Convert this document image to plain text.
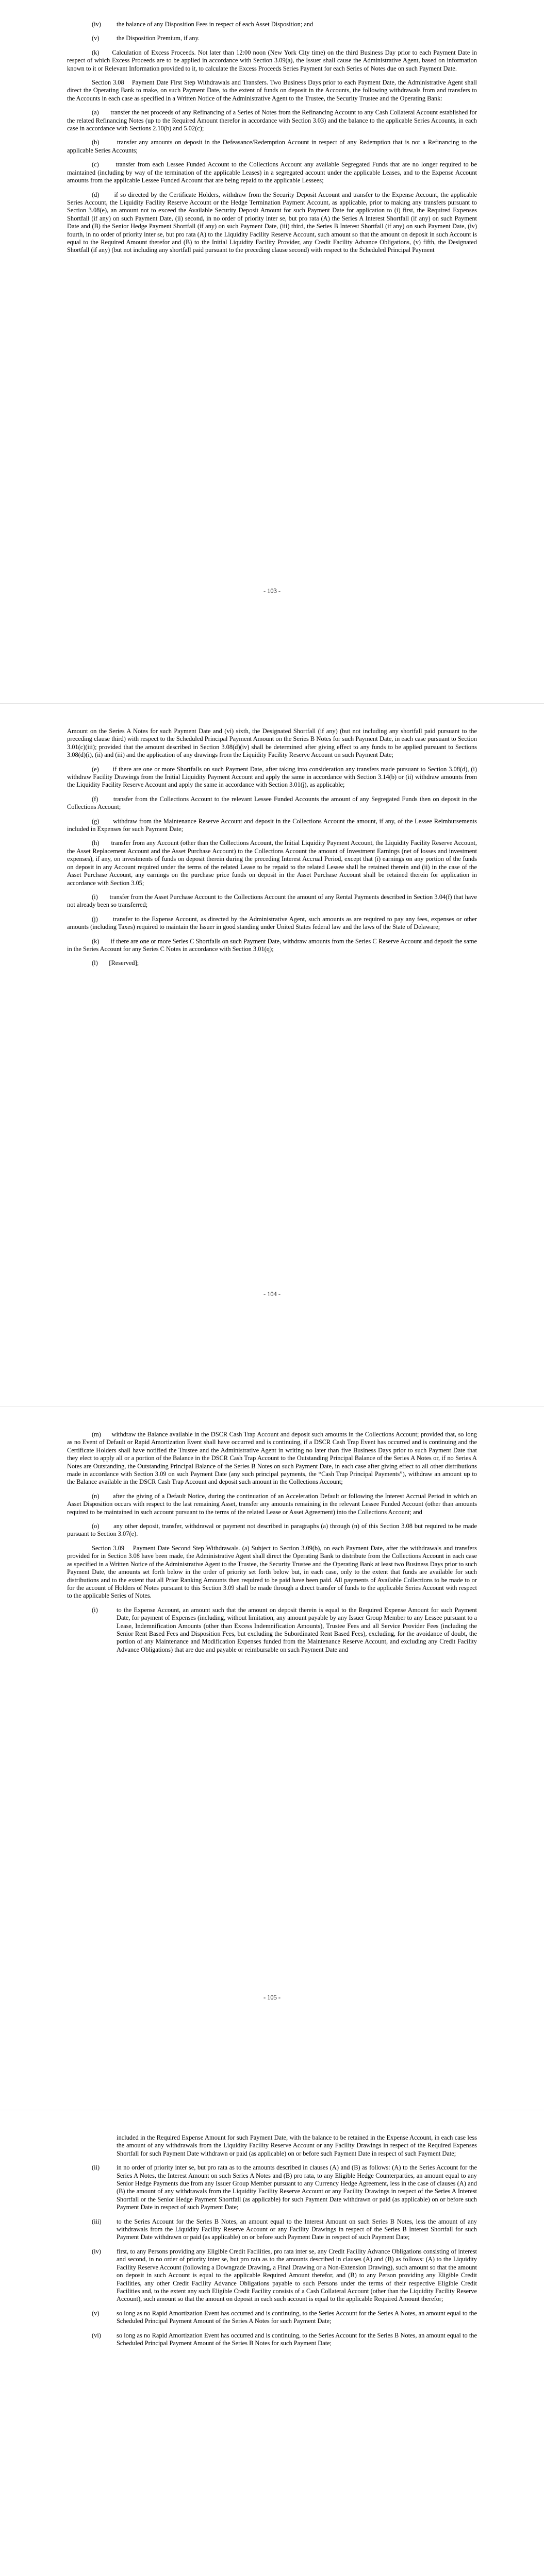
(iv) the balance of any Disposition Fees in respect of each Asset Disposition; and

(v)	the Disposition Premium, if any.

(k)      Calculation of Excess Proceeds. Not later than 12:00 noon (New York City time) on the third Business Day prior to each Payment Date in respect of which Excess Proceeds are to be applied in accordance with Section 3.09(a), the Issuer shall cause the Administrative Agent, based on information known to it or Relevant Information provided to it, to calculate the Excess Proceeds Series Payment for each Series of Notes due on such Payment Date.

Section 3.08    Payment Date First Step Withdrawals and Transfers. Two Business Days prior to each Payment Date, the Administrative Agent shall direct the Operating Bank to make, on such Payment Date, to the extent of funds on deposit in the Accounts, the following withdrawals from and transfers to the Accounts in each case as specified in a Written Notice of the Administrative Agent to the Trustee, the Security Trustee and the Operating Bank:

(a)       transfer the net proceeds of any Refinancing of a Series of Notes from the Refinancing Account to any Cash Collateral Account established for the related Refinancing Notes (up to the Required Amount therefor in accordance with Section 3.03) and the balance to the applicable Series Accounts, in each case in accordance with Sections 2.10(b) and 5.02(c);

(b)       transfer any amounts on deposit in the Defeasance/Redemption Account in respect of any Redemption that is not a Refinancing to the applicable Series Accounts;

(c)       transfer from each Lessee Funded Account to the Collections Account any available Segregated Funds that are no longer required to be maintained (including by way of the termination of the applicable Leases) in a segregated account under the applicable Leases, and to the Expense Account amounts from the applicable Lessee Funded Account that are being repaid to the applicable Lessees;

(d)       if so directed by the Certificate Holders, withdraw from the Security Deposit Account and transfer to the Expense Account, the applicable Series Account, the Liquidity Facility Reserve Account or the Hedge Termination Payment Account, as applicable, prior to making any transfers pursuant to Section 3.08(e), an amount not to exceed the Available Security Deposit Amount for such Payment Date for application to (i) first, the Required Expenses Shortfall (if any) on such Payment Date, (ii) second, in no order of priority inter se, but pro rata (A) the Series A Interest Shortfall (if any) on such Payment Date and (B) the Senior Hedge Payment Shortfall (if any) on such Payment Date, (iii) third, the Series B Interest Shortfall (if any) on such Payment Date, (iv) fourth, in no order of priority inter se, but pro rata (A) to the Liquidity Facility Reserve Account, such amount so that the amount on deposit in such Account is equal to the Required Amount therefor and (B) to the Initial Liquidity Facility Provider, any Credit Facility Advance Obligations, (v) fifth, the Designated Shortfall (if any) (but not including any shortfall paid pursuant to the preceding clause second) with respect to the Scheduled Principal Payment

- 103 -

Amount on the Series A Notes for such Payment Date and (vi) sixth, the Designated Shortfall (if any) (but not including any shortfall paid pursuant to the preceding clause third) with respect to the Scheduled Principal Payment Amount on the Series B Notes for such Payment Date, in each case pursuant to Section 3.01(c)(iii); provided that the amount described in Section 3.08(d)(iv) shall be determined after giving effect to any funds to be applied pursuant to Sections 3.08(d)(i), (ii) and (iii) and the application of any drawings from the Liquidity Facility Reserve Account on such Payment Date;

(e)       if there are one or more Shortfalls on such Payment Date, after taking into consideration any transfers made pursuant to Section 3.08(d), (i) withdraw Facility Drawings from the Initial Liquidity Payment Account and apply the same in accordance with Section 3.14(b) or (ii) withdraw amounts from the Liquidity Facility Reserve Account and apply the same in accordance with Section 3.01(j), as applicable;

(f)       transfer from the Collections Account to the relevant Lessee Funded Accounts the amount of any Segregated Funds then on deposit in the Collections Account;

(g)       withdraw from the Maintenance Reserve Account and deposit in the Collections Account the amount, if any, of the Lessee Reimbursements included in Expenses for such Payment Date;

(h)       transfer from any Account (other than the Collections Account, the Initial Liquidity Payment Account, the Liquidity Facility Reserve Account, the Asset Replacement Account and the Asset Purchase Account) to the Collections Account the amount of Investment Earnings (net of losses and investment expenses), if any, on investments of funds on deposit therein during the preceding Interest Accrual Period, except that (i) earnings on any portion of the funds on deposit in any Account required under the terms of the related Lease to be repaid to the related Lessee shall be retained therein and (ii) in the case of the Asset Purchase Account, any earnings on the purchase price funds on deposit in the Asset Purchase Account shall be retained therein for application in accordance with Section 3.05;

(i)       transfer from the Asset Purchase Account to the Collections Account the amount of any Rental Payments described in Section 3.04(f) that have not already been so transferred;

(j)       transfer to the Expense Account, as directed by the Administrative Agent, such amounts as are required to pay any fees, expenses or other amounts (including Taxes) required to maintain the Issuer in good standing under United States federal law and the laws of the State of Delaware;

(k)       if there are one or more Series C Shortfalls on such Payment Date, withdraw amounts from the Series C Reserve Account and deposit the same in the Series Account for any Series C Notes in accordance with Section 3.01(q);

(l)       [Reserved];

- 104 -

(m)      withdraw the Balance available in the DSCR Cash Trap Account and deposit such amounts in the Collections Account; provided that, so long as no Event of Default or Rapid Amortization Event shall have occurred and is continuing, if a DSCR Cash Trap Event has occurred and is continuing and the Certificate Holders shall have notified the Trustee and the Administrative Agent in writing no later than five Business Days prior to such Payment Date that they elect to apply all or a portion of the Balance in the DSCR Cash Trap Account to the Outstanding Principal Balance of the Series A Notes or, if no Series A Notes are Outstanding, the Outstanding Principal Balance of the Series B Notes on such Payment Date, in each case after giving effect to all other distributions made in accordance with Section 3.09 on such Payment Date (any such principal payments, the “Cash Trap Principal Payments”), withdraw an amount up to the Balance available in the DSCR Cash Trap Account and deposit such amount in the Collections Account;

(n)       after the giving of a Default Notice, during the continuation of an Acceleration Default or following the Interest Accrual Period in which an Asset Disposition occurs with respect to the last remaining Asset, transfer any amounts remaining in the relevant Lessee Funded Account (other than amounts required to be maintained in such account pursuant to the terms of the related Lease or Asset Agreement) into the Collections Account; and

(o)       any other deposit, transfer, withdrawal or payment not described in paragraphs (a) through (n) of this Section 3.08 but required to be made pursuant to Section 3.07(e).

Section 3.09    Payment Date Second Step Withdrawals. (a) Subject to Section 3.09(b), on each Payment Date, after the withdrawals and transfers provided for in Section 3.08 have been made, the Administrative Agent shall direct the Operating Bank to distribute from the Collections Account in each case as specified in a Written Notice of the Administrative Agent to the Trustee, the Security Trustee and the Operating Bank at least two Business Days prior to such Payment Date, the amounts set forth below in the order of priority set forth below but, in each case, only to the extent that funds are available for such distributions and to the extent that all Prior Ranking Amounts then required to be paid have been paid. All payments of Available Collections to be made to or for the account of Holders of Notes pursuant to this Section 3.09 shall be made through a direct transfer of funds to the applicable Series Account with respect to the applicable Series of Notes.

(i)	to the Expense Account, an amount such that the amount on deposit therein is equal to the Required Expense Amount for such Payment Date, for payment of Expenses (including, without limitation, any amount payable by any Issuer Group Member to any Lessee pursuant to a Lease, Indemnification Amounts (other than Excess Indemnification Amounts), Trustee Fees and all Service Provider Fees (including the Senior Rent Based Fees and Disposition Fees, but excluding the Subordinated Rent Based Fees), excluding, for the avoidance of doubt, the portion of any Maintenance and Modification Expenses funded from the Maintenance Reserve Account, and excluding any Credit Facility Advance Obligations) that are due and payable or reimbursable on such Payment Date and

- 105 -

included in the Required Expense Amount for such Payment Date, with the balance to be retained in the Expense Account, in each case less the amount of any withdrawals from the Liquidity Facility Reserve Account or any Facility Drawings in respect of the Required Expenses Shortfall for such Payment Date withdrawn or paid (as applicable) on or before such Payment Date in respect of such Payment Date;

(ii)	in no order of priority inter se, but pro rata as to the amounts described in clauses (A) and (B) as follows: (A) to the Series Account for the Series A Notes, the Interest Amount on such Series A Notes and (B) pro rata, to any Eligible Hedge Counterparties, an amount equal to any Senior Hedge Payments due from any Issuer Group Member pursuant to any Currency Hedge Agreement, less in the case of clauses (A) and (B) the amount of any withdrawals from the Liquidity Facility Reserve Account or any Facility Drawings in respect of the Series A Interest Shortfall or the Senior Hedge Payment Shortfall (as applicable) for such Payment Date withdrawn or paid (as applicable) on or before such Payment Date in respect of such Payment Date;

(iii) to the Series Account for the Series B Notes, an amount equal to the Interest Amount on such Series B Notes, less the amount of any withdrawals from the Liquidity Facility Reserve Account or any Facility Drawings in respect of the Series B Interest Shortfall for such Payment Date withdrawn or paid (as applicable) on or before such Payment Date in respect of such Payment Date;

(iv) first, to any Persons providing any Eligible Credit Facilities, pro rata inter se, any Credit Facility Advance Obligations consisting of interest and second, in no order of priority inter se, but pro rata as to the amounts described in clauses (A) and (B) as follows: (A) to the Liquidity Facility Reserve Account (following a Downgrade Drawing, a Final Drawing or a Non-Extension Drawing), such amount so that the amount on deposit in such Account is equal to the applicable Required Amount therefor, and (B) to any Person providing any Eligible Credit Facilities, any other Credit Facility Advance Obligations payable to such Persons under the terms of their respective Eligible Credit Facilities and, to the extent any such Eligible Credit Facility consists of a Cash Collateral Account (other than the Liquidity Facility Reserve Account), such amount so that the amount on deposit in each such account is equal to the applicable Required Amount therefor;

(v)	so long as no Rapid Amortization Event has occurred and is continuing, to the Series Account for the Series A Notes, an amount equal to the Scheduled Principal Payment Amount of the Series A Notes for such Payment Date;

(vi) so long as no Rapid Amortization Event has occurred and is continuing, to the Series Account for the Series B Notes, an amount equal to the Scheduled Principal Payment Amount of the Series B Notes for such Payment Date;
